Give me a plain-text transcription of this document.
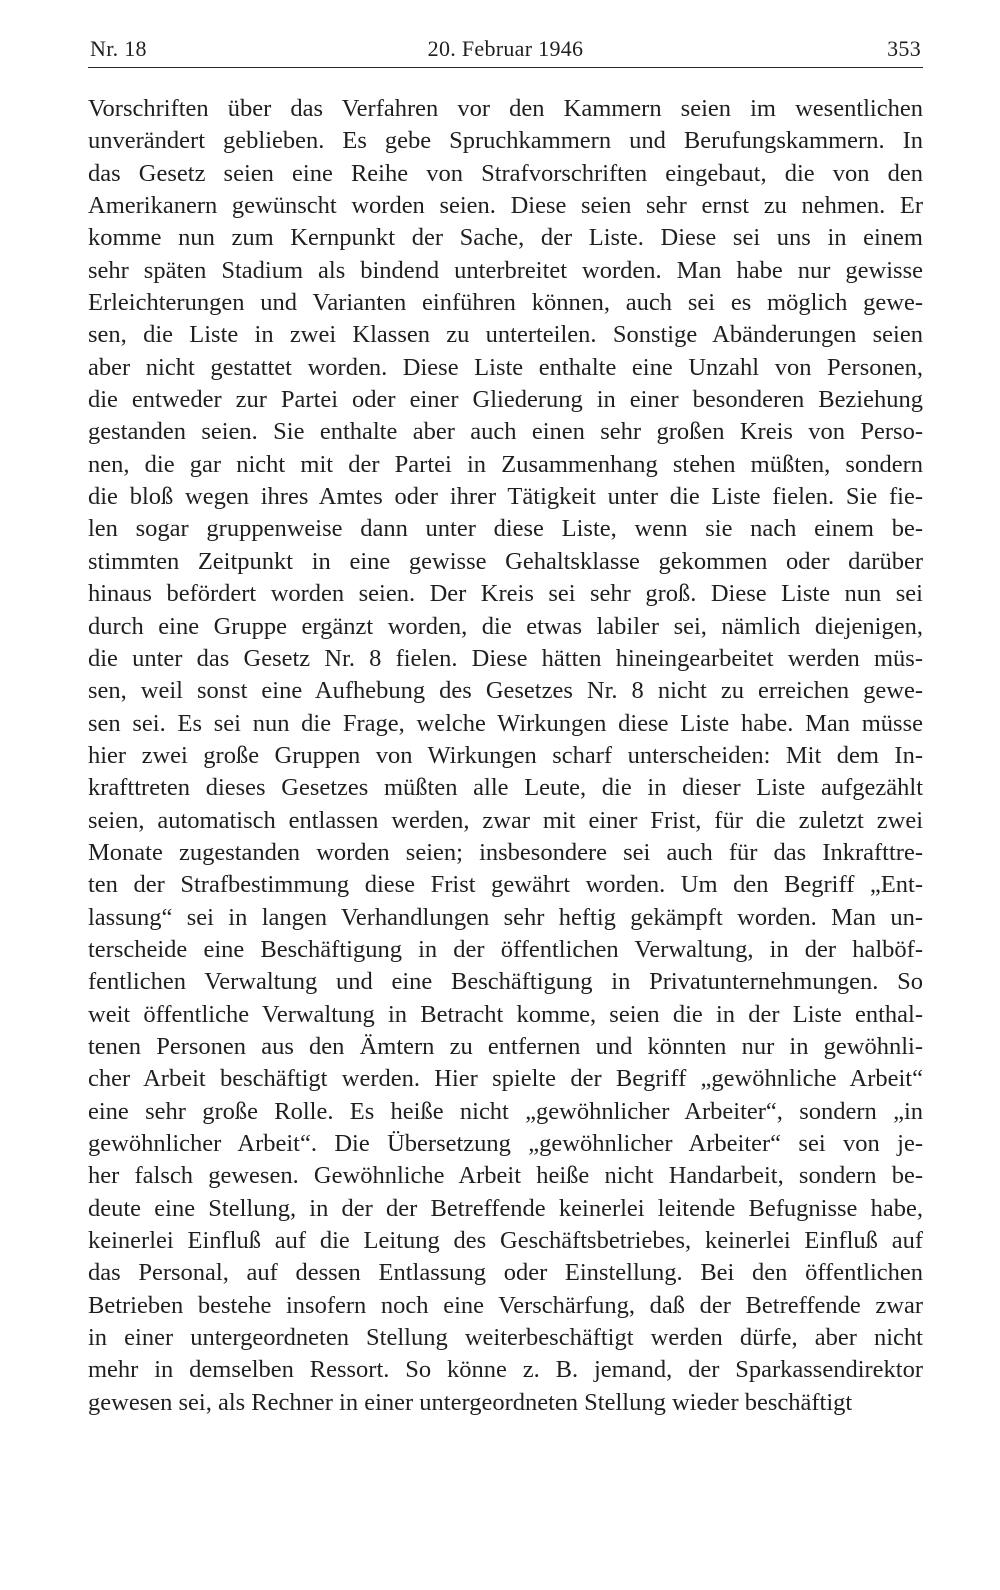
Nr. 18	20. Februar 1946	353
Vorschriften über das Verfahren vor den Kammern seien im wesentlichen
unverändert geblieben. Es gebe Spruchkammern und Berufungskammern. In
das Gesetz seien eine Reihe von Strafvorschriften eingebaut, die von den
Amerikanern gewünscht worden seien. Diese seien sehr ernst zu nehmen. Er
komme nun zum Kernpunkt der Sache, der Liste. Diese sei uns in einem
sehr späten Stadium als bindend unterbreitet worden. Man habe nur gewisse
Erleichterungen und Varianten einführen können, auch sei es möglich gewe-
sen, die Liste in zwei Klassen zu unterteilen. Sonstige Abänderungen seien
aber nicht gestattet worden. Diese Liste enthalte eine Unzahl von Personen,
die entweder zur Partei oder einer Gliederung in einer besonderen Beziehung
gestanden seien. Sie enthalte aber auch einen sehr großen Kreis von Perso-
nen, die gar nicht mit der Partei in Zusammenhang stehen müßten, sondern
die bloß wegen ihres Amtes oder ihrer Tätigkeit unter die Liste fielen. Sie fie-
len sogar gruppenweise dann unter diese Liste, wenn sie nach einem be-
stimmten Zeitpunkt in eine gewisse Gehaltsklasse gekommen oder darüber
hinaus befördert worden seien. Der Kreis sei sehr groß. Diese Liste nun sei
durch eine Gruppe ergänzt worden, die etwas labiler sei, nämlich diejenigen,
die unter das Gesetz Nr. 8 fielen. Diese hätten hineingearbeitet werden müs-
sen, weil sonst eine Aufhebung des Gesetzes Nr. 8 nicht zu erreichen gewe-
sen sei. Es sei nun die Frage, welche Wirkungen diese Liste habe. Man müsse
hier zwei große Gruppen von Wirkungen scharf unterscheiden: Mit dem In-
krafttreten dieses Gesetzes müßten alle Leute, die in dieser Liste aufgezählt
seien, automatisch entlassen werden, zwar mit einer Frist, für die zuletzt zwei
Monate zugestanden worden seien; insbesondere sei auch für das Inkrafttre-
ten der Strafbestimmung diese Frist gewährt worden. Um den Begriff „Ent-
lassung“ sei in langen Verhandlungen sehr heftig gekämpft worden. Man un-
terscheide eine Beschäftigung in der öffentlichen Verwaltung, in der halböf-
fentlichen Verwaltung und eine Beschäftigung in Privatunternehmungen. So
weit öffentliche Verwaltung in Betracht komme, seien die in der Liste enthal-
tenen Personen aus den Ämtern zu entfernen und könnten nur in gewöhnli-
cher Arbeit beschäftigt werden. Hier spielte der Begriff „gewöhnliche Arbeit“
eine sehr große Rolle. Es heiße nicht „gewöhnlicher Arbeiter“, sondern „in
gewöhnlicher Arbeit“. Die Übersetzung „gewöhnlicher Arbeiter“ sei von je-
her falsch gewesen. Gewöhnliche Arbeit heiße nicht Handarbeit, sondern be-
deute eine Stellung, in der der Betreffende keinerlei leitende Befugnisse habe,
keinerlei Einfluß auf die Leitung des Geschäftsbetriebes, keinerlei Einfluß auf
das Personal, auf dessen Entlassung oder Einstellung. Bei den öffentlichen
Betrieben bestehe insofern noch eine Verschärfung, daß der Betreffende zwar
in einer untergeordneten Stellung weiterbeschäftigt werden dürfe, aber nicht
mehr in demselben Ressort. So könne z. B. jemand, der Sparkassendirektor
gewesen sei, als Rechner in einer untergeordneten Stellung wieder beschäftigt
